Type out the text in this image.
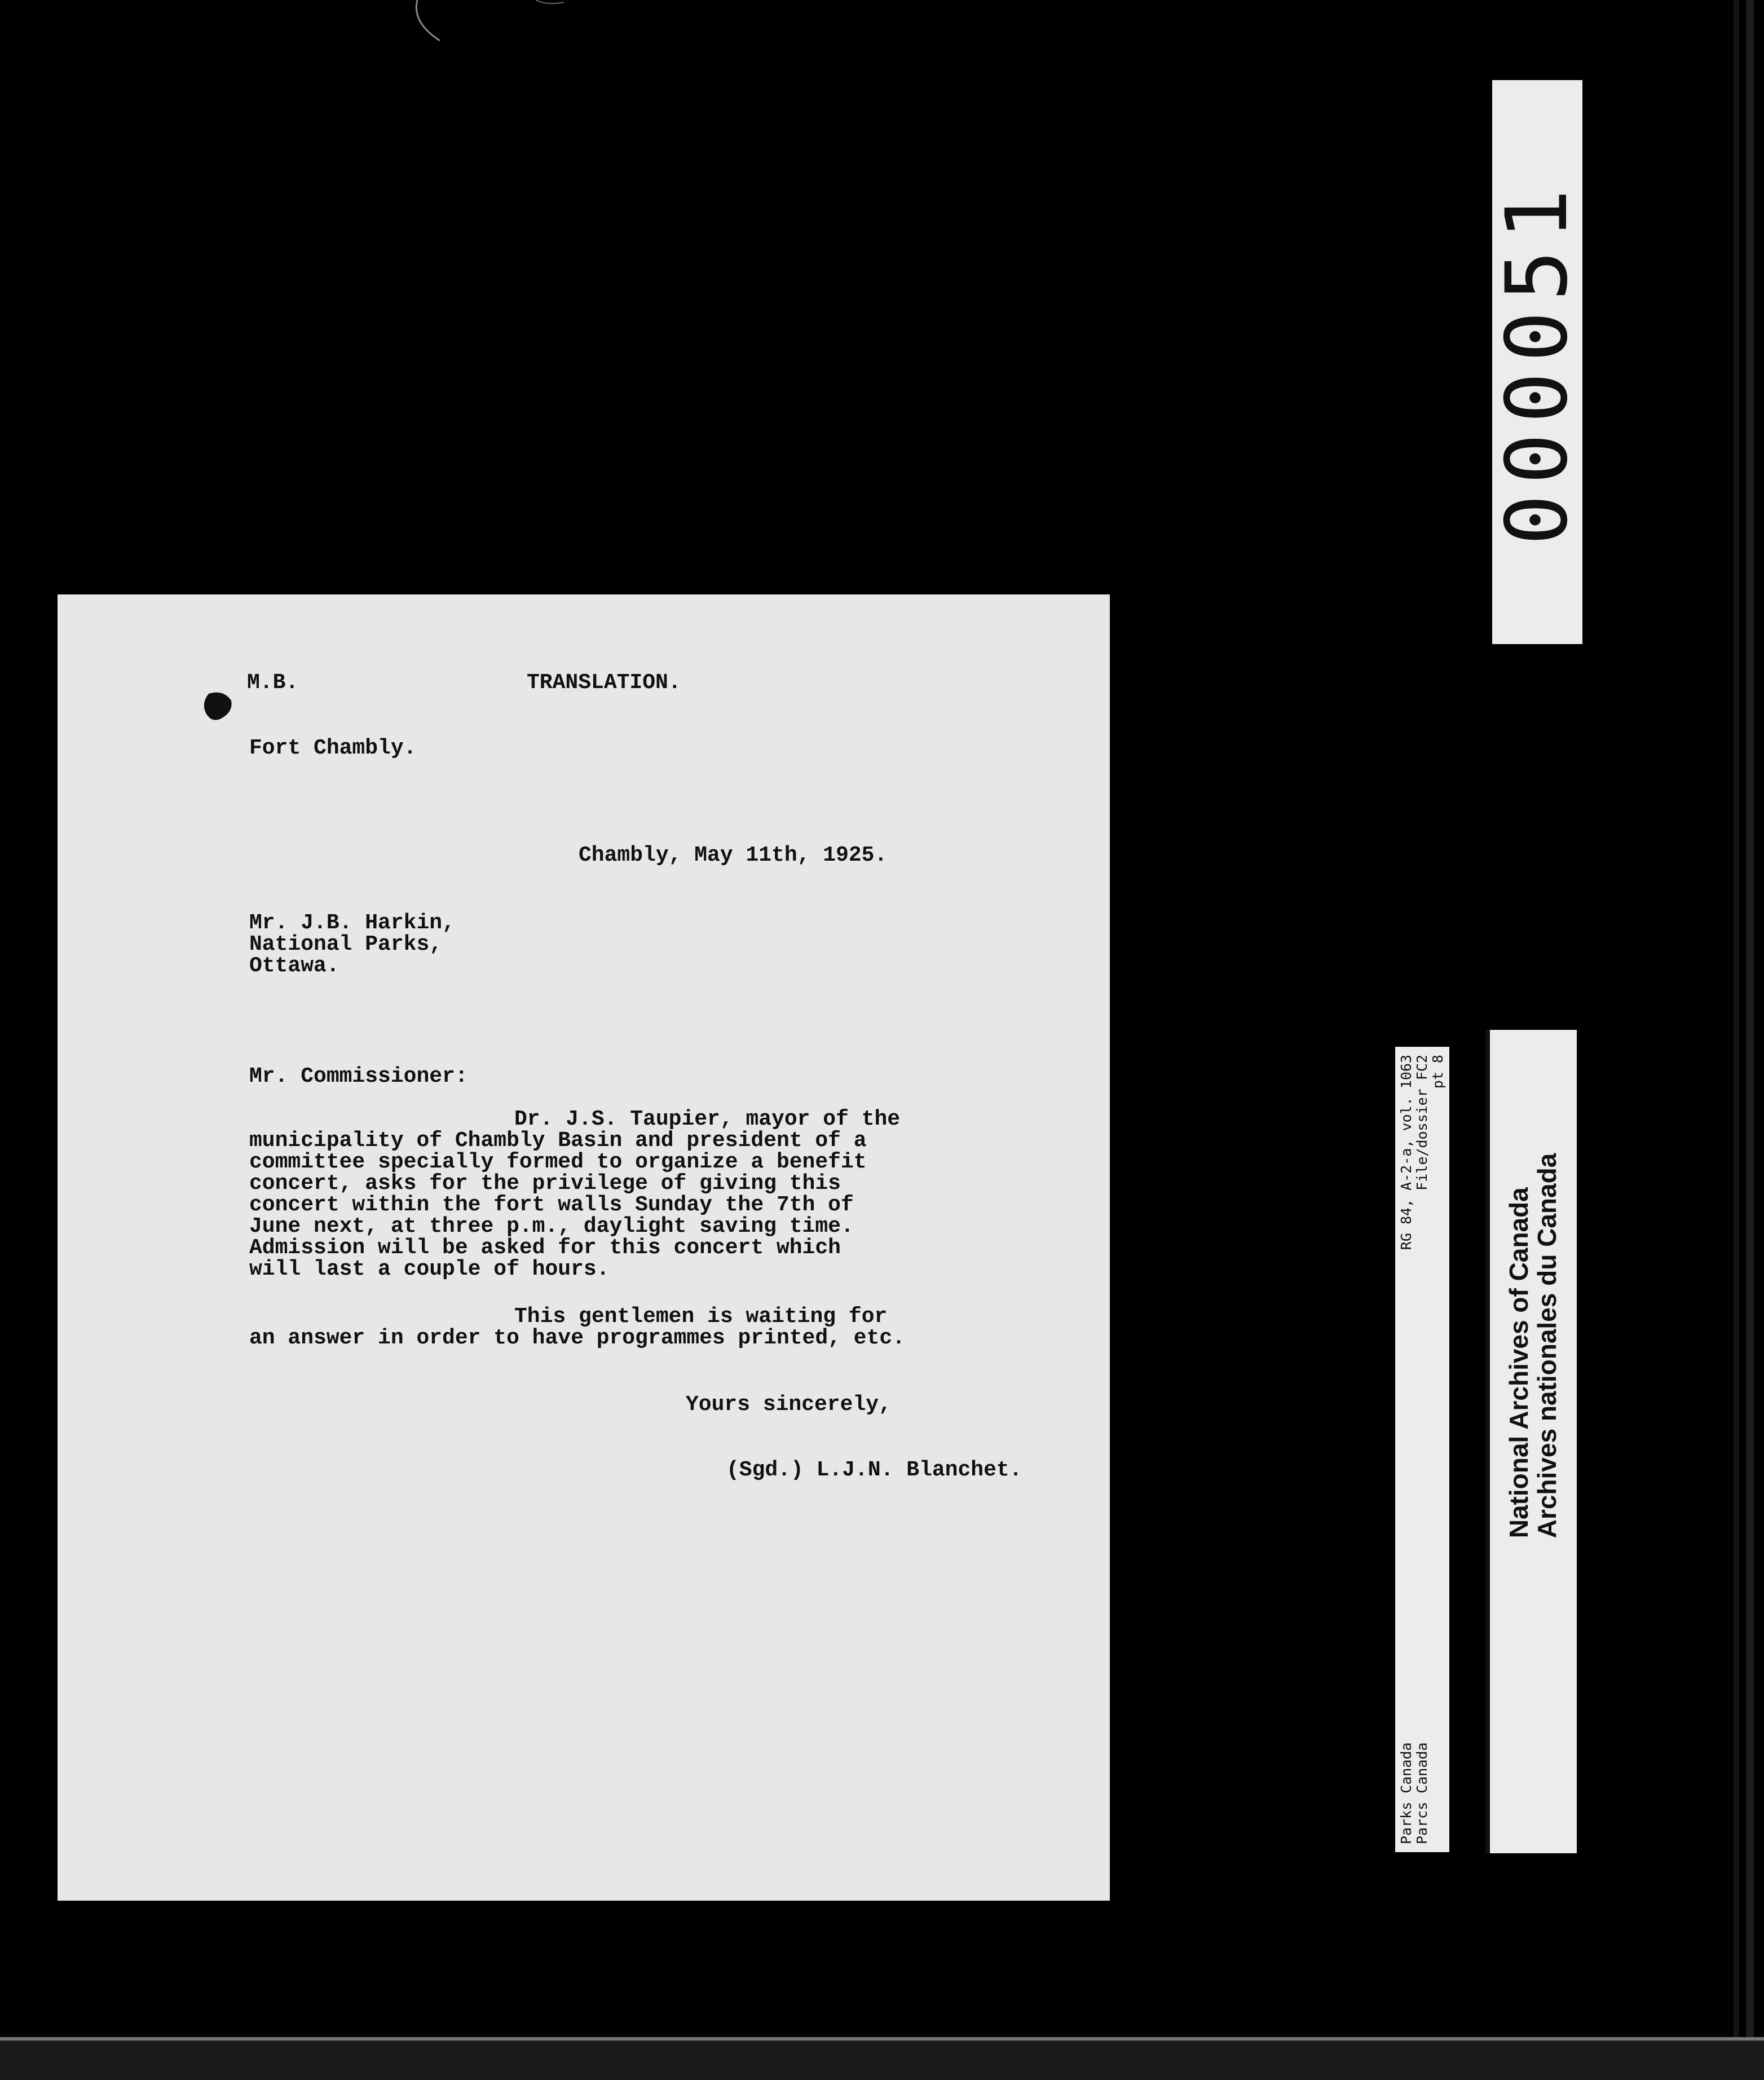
M.B.	TRANSLATION.
Fort Chambly.
Chambly, May 11th, 1925.
Mr. J.B. Harkin,
National Parks,
Ottawa.
Mr. Commissioner:
Dr. J.S. Taupier, mayor of the
municipality of Chambly Basin and president of a
committee specially formed to organize a benefit
concert, asks for the privilege of giving this
concert within the fort walls Sunday the 7th of
June next, at three p.m., daylight saving time.
Admission will be asked for this concert which
will last a couple of hours.
This gentlemen is waiting for
an answer in order to have programmes printed, etc.
Yours sincerely,
(Sgd.) L.J.N. Blanchet.
000051
Parks Canada
RG 84, A-2-a, vol. 1063
Parcs Canada
File/dossier FC2 pt 8
National Archives of Canada
Archives nationales du Canada
